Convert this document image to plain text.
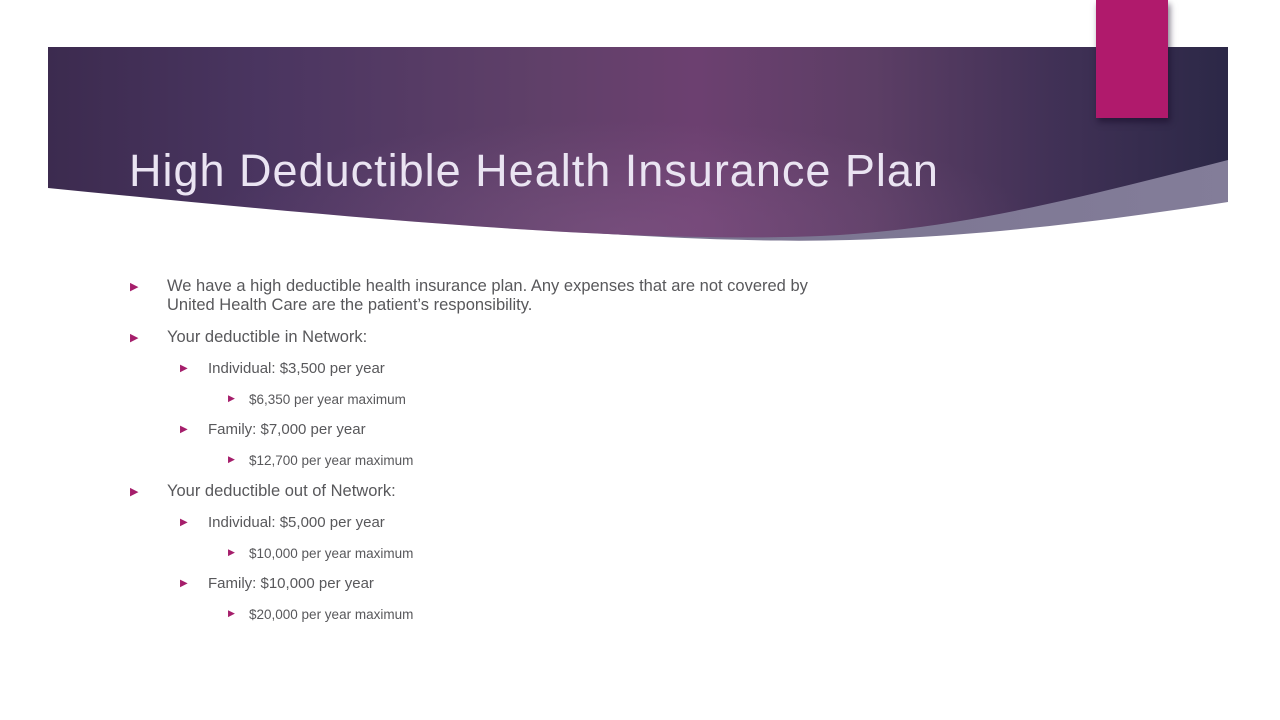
High Deductible Health Insurance Plan
▶	We have a high deductible health insurance plan. Any expenses that are not covered by United Health Care are the patient’s responsibility.
▶	Your deductible in Network:
▶	Individual: $3,500 per year
▶	$6,350 per year maximum
▶	Family: $7,000 per year
▶	$12,700 per year maximum
▶	Your deductible out of Network:
▶	Individual: $5,000 per year
▶	$10,000 per year maximum
▶	Family: $10,000 per year
▶	$20,000 per year maximum
